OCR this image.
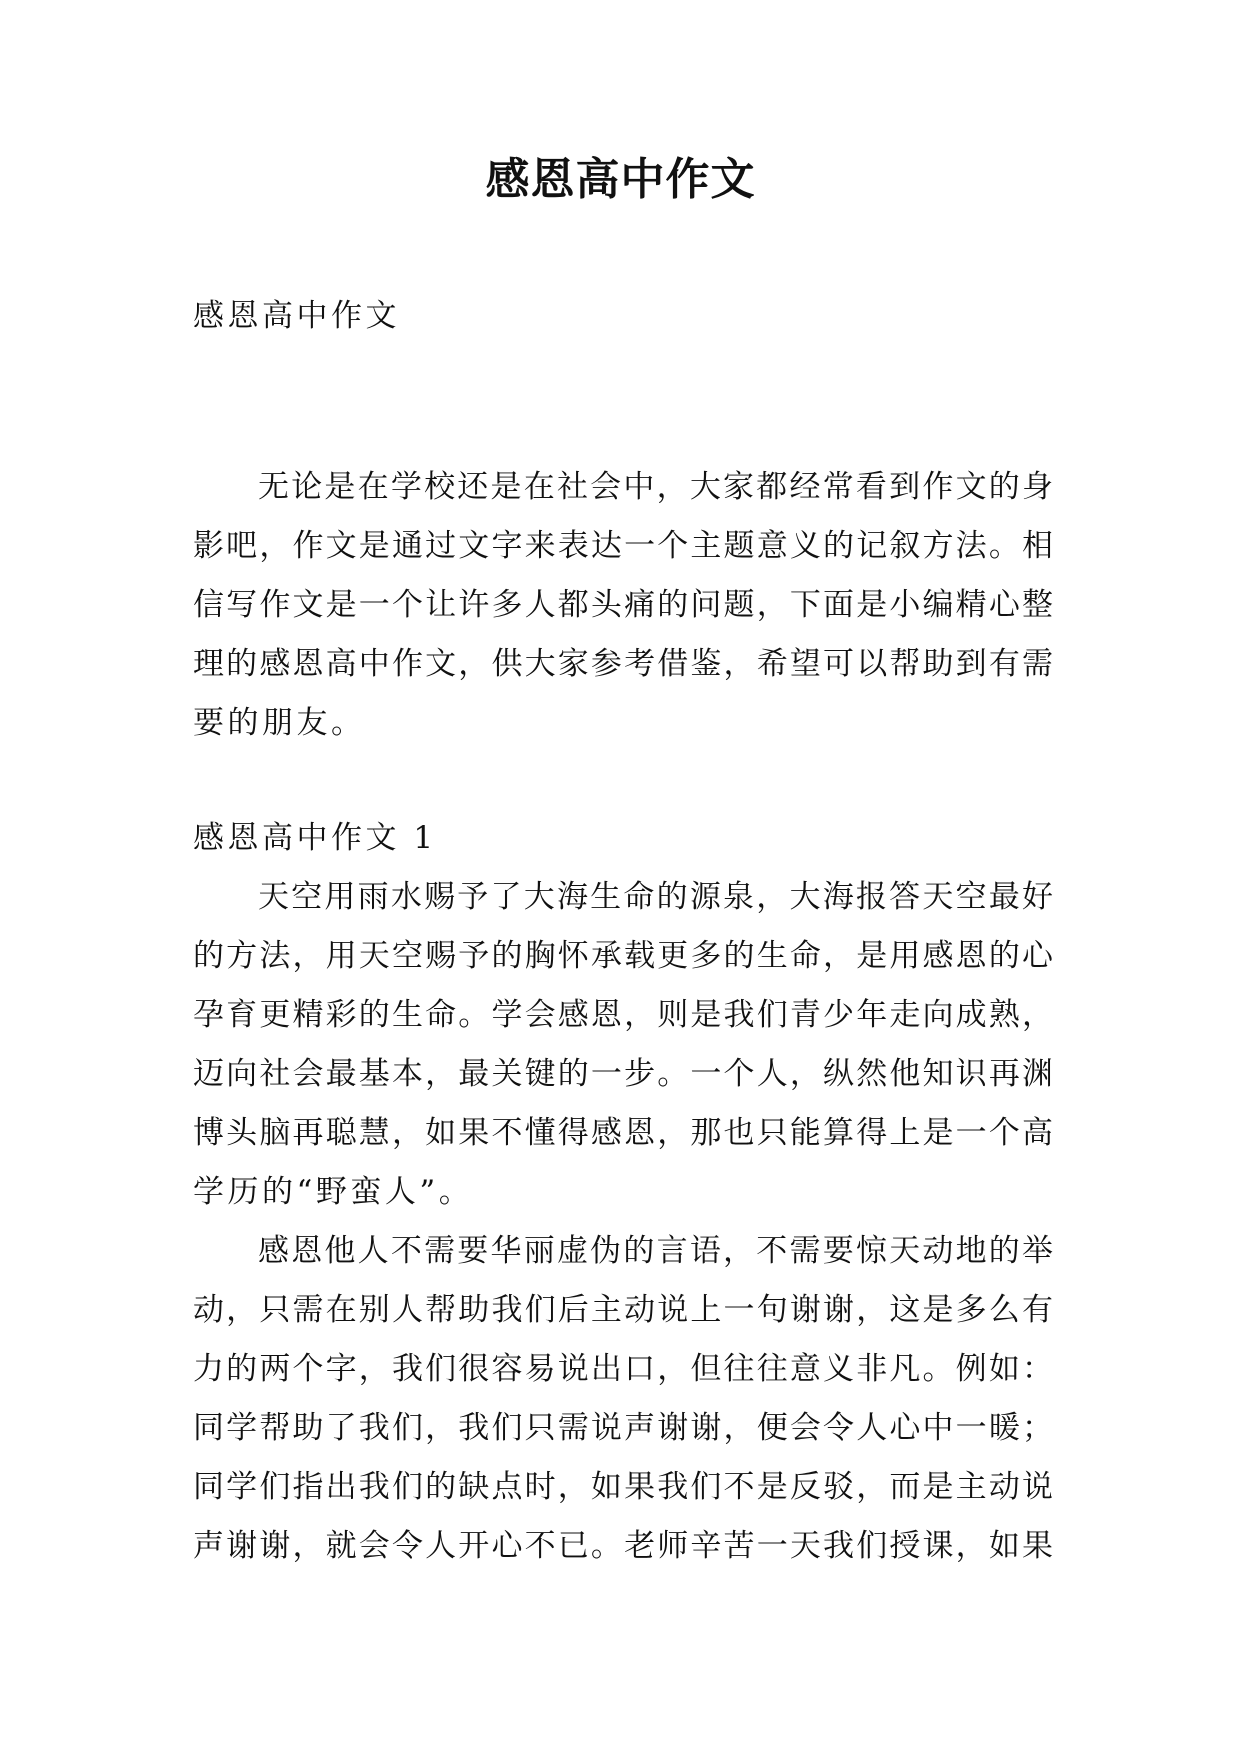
感恩高中作文
感恩高中作文
无论是在学校还是在社会中，大家都经常看到作文的身
影吧，作文是通过文字来表达一个主题意义的记叙方法。相
信写作文是一个让许多人都头痛的问题，下面是小编精心整
理的感恩高中作文，供大家参考借鉴，希望可以帮助到有需
要的朋友。
感恩高中作文 1
天空用雨水赐予了大海生命的源泉，大海报答天空最好
的方法，用天空赐予的胸怀承载更多的生命，是用感恩的心
孕育更精彩的生命。学会感恩，则是我们青少年走向成熟，
迈向社会最基本，最关键的一步。一个人，纵然他知识再渊
博头脑再聪慧，如果不懂得感恩，那也只能算得上是一个高
学历的“野蛮人”。
感恩他人不需要华丽虚伪的言语，不需要惊天动地的举
动，只需在别人帮助我们后主动说上一句谢谢，这是多么有
力的两个字，我们很容易说出口，但往往意义非凡。例如：
同学帮助了我们，我们只需说声谢谢，便会令人心中一暖；
同学们指出我们的缺点时，如果我们不是反驳，而是主动说
声谢谢，就会令人开心不已。老师辛苦一天我们授课，如果
